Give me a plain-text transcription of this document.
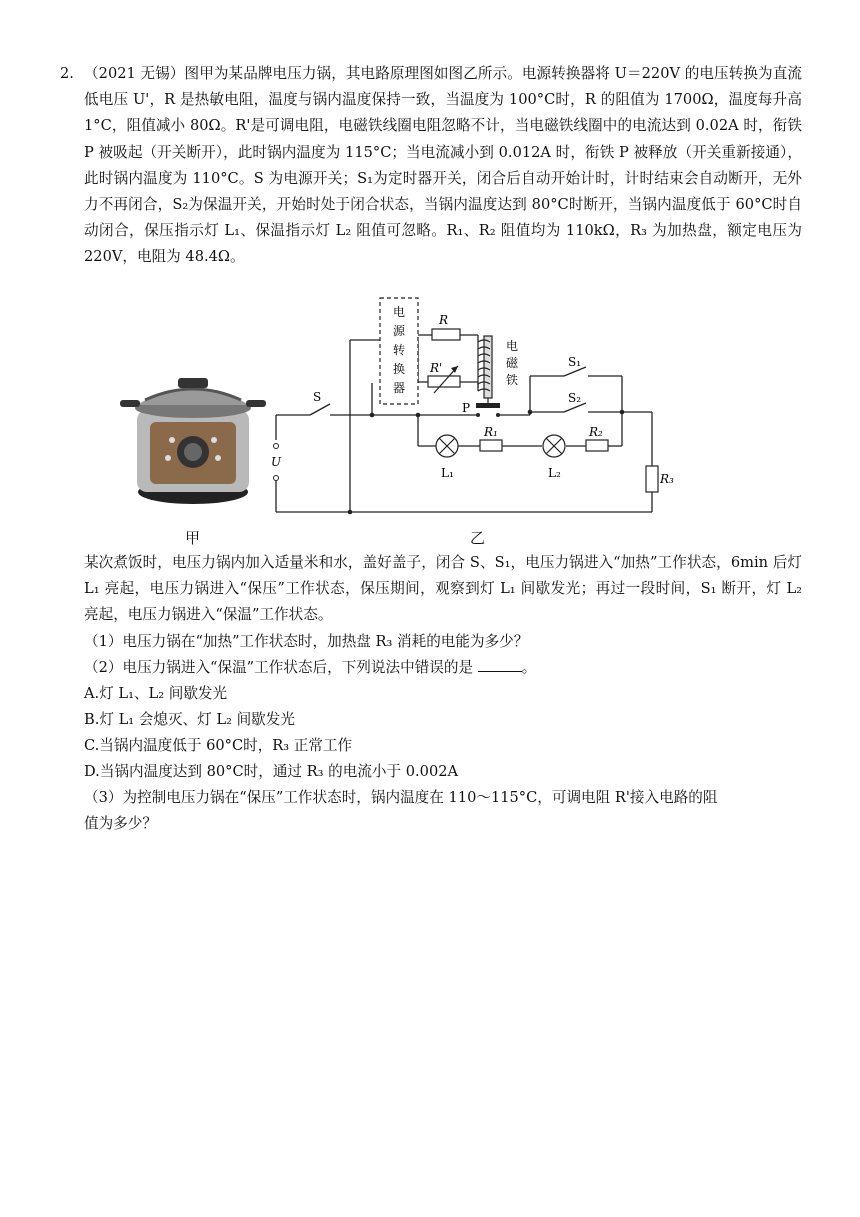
2. （2021 无锡）图甲为某品牌电压力锅，其电路原理图如图乙所示。电源转换器将 U＝220V 的电压转换为直流低电压 U'，R 是热敏电阻，温度与锅内温度保持一致，当温度为 100°C时，R 的阻值为 1700Ω，温度每升高 1°C，阻值减小 80Ω。R'是可调电阻，电磁铁线圈电阻忽略不计，当电磁铁线圈中的电流达到 0.02A 时，衔铁 P 被吸起（开关断开），此时锅内温度为 115°C；当电流减小到 0.012A 时，衔铁 P 被释放（开关重新接通），此时锅内温度为 110°C。S 为电源开关；S₁为定时器开关，闭合后自动开始计时，计时结束会自动断开，无外力不再闭合，S₂为保温开关，开始时处于闭合状态，当锅内温度达到 80°C时断开，当锅内温度低于 60°C时自动闭合，保压指示灯 L₁、保温指示灯 L₂ 阻值可忽略。R₁、R₂ 阻值均为 110kΩ，R₃ 为加热盘，额定电压为 220V，电阻为 48.4Ω。
电
源
转
换
器
电
磁
铁
R
R'
S
S₁
S₂
U
P
L₁	L₂
R₁	R₂
R₃
甲	乙
某次煮饭时，电压力锅内加入适量米和水，盖好盖子，闭合 S、S₁，电压力锅进入“加热”工作状态，6min 后灯 L₁ 亮起，电压力锅进入“保压”工作状态，保压期间，观察到灯 L₁ 间歇发光；再过一段时间，S₁ 断开，灯 L₂ 亮起，电压力锅进入“保温”工作状态。
（1）电压力锅在“加热”工作状态时，加热盘 R₃ 消耗的电能为多少？
（2）电压力锅进入“保温”工作状态后，下列说法中错误的是	。
A.灯 L₁、L₂ 间歇发光
B.灯 L₁ 会熄灭、灯 L₂ 间歇发光
C.当锅内温度低于 60°C时，R₃ 正常工作
D.当锅内温度达到 80°C时，通过 R₃ 的电流小于 0.002A
（3）为控制电压力锅在“保压”工作状态时，锅内温度在 110～115°C，可调电阻 R'接入电路的阻
值为多少？
